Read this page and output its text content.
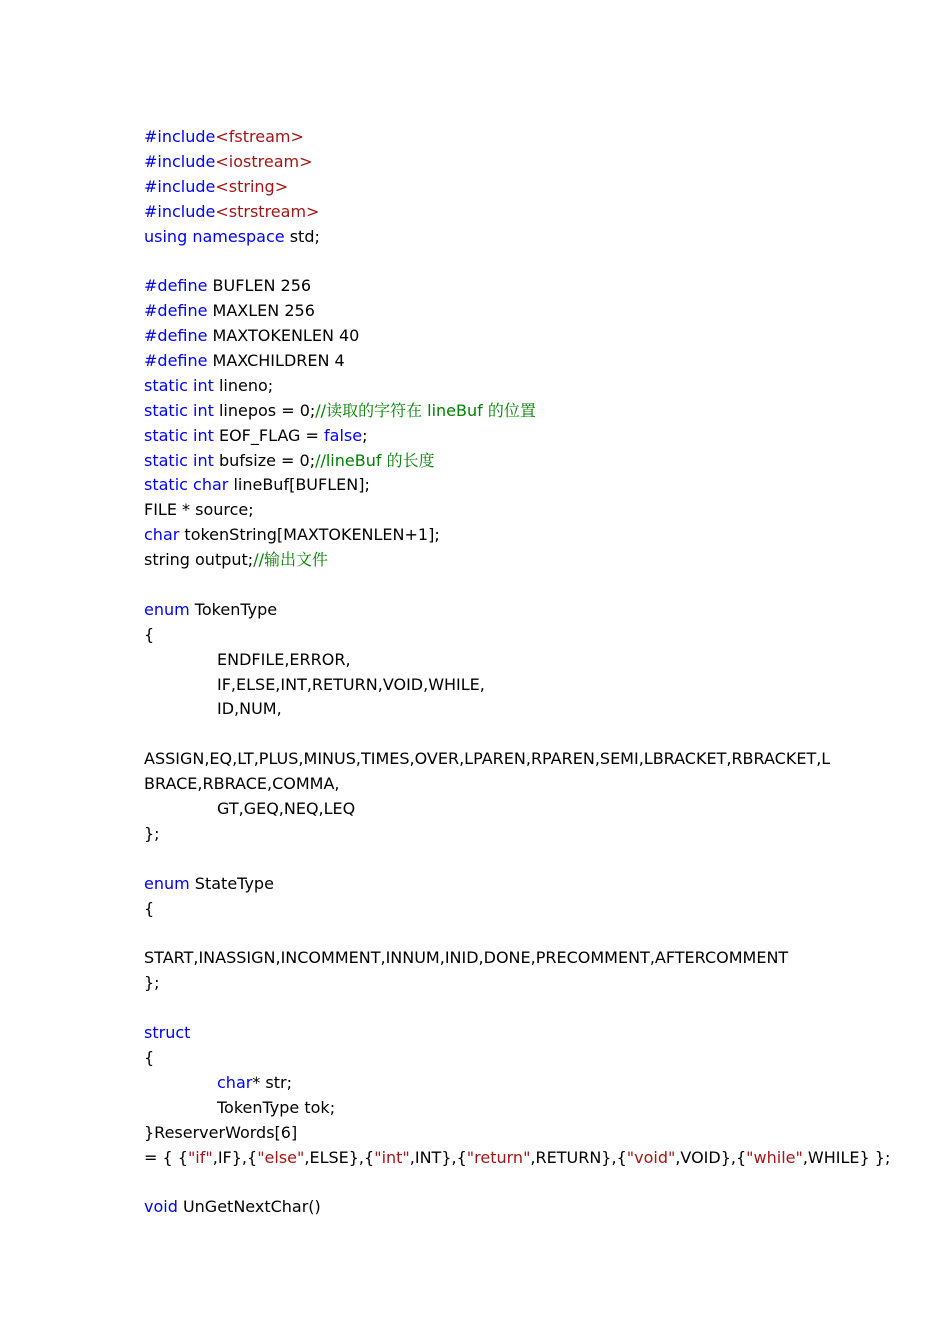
#include<fstream>
#include<iostream>
#include<string>
#include<strstream>
using namespace std;
#define BUFLEN 256
#define MAXLEN 256
#define MAXTOKENLEN 40
#define MAXCHILDREN 4
static int lineno;
static int linepos = 0;//读取的字符在 lineBuf 的位置
static int EOF_FLAG = false;
static int bufsize = 0;//lineBuf 的长度
static char lineBuf[BUFLEN];
FILE * source;
char tokenString[MAXTOKENLEN+1];
string output;//输出文件
enum TokenType
{
ENDFILE,ERROR,
IF,ELSE,INT,RETURN,VOID,WHILE,
ID,NUM,
ASSIGN,EQ,LT,PLUS,MINUS,TIMES,OVER,LPAREN,RPAREN,SEMI,LBRACKET,RBRACKET,L
BRACE,RBRACE,COMMA,
GT,GEQ,NEQ,LEQ
};
enum StateType
{
START,INASSIGN,INCOMMENT,INNUM,INID,DONE,PRECOMMENT,AFTERCOMMENT
};
struct
{
char* str;
TokenType tok;
}ReserverWords[6]
= { {"if",IF},{"else",ELSE},{"int",INT},{"return",RETURN},{"void",VOID},{"while",WHILE} };
void UnGetNextChar()
